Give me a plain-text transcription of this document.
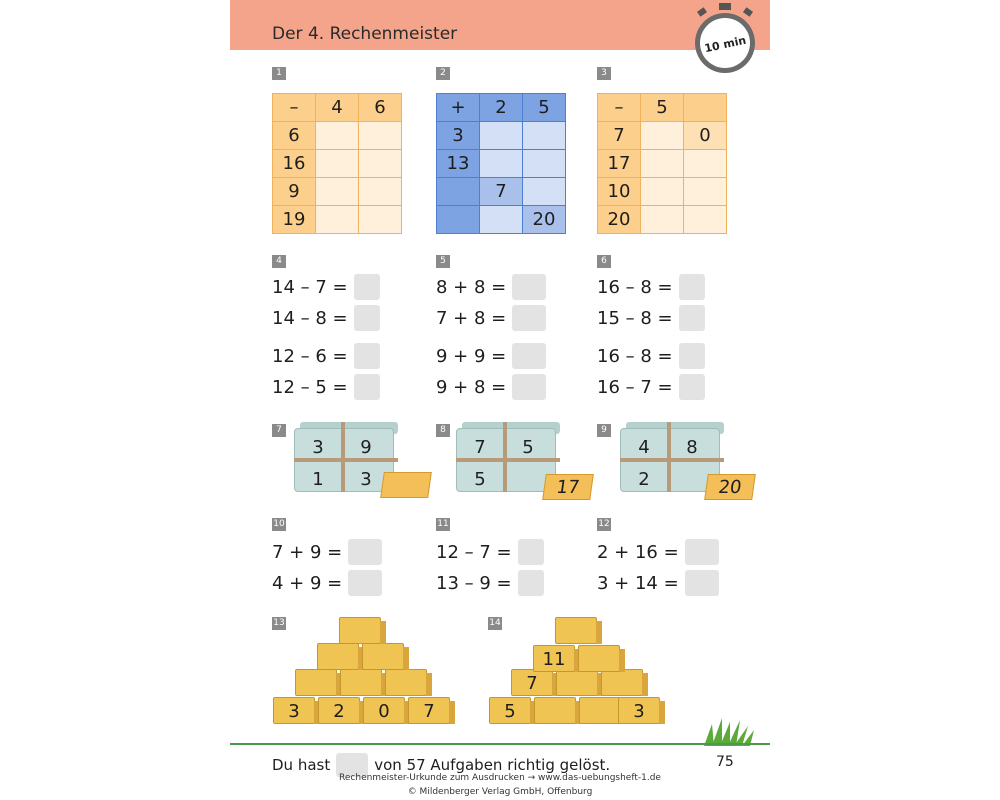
Der 4. Rechenmeister	10 min
1
–	4	6
6		
16		
9		
19		
2
+	2	5
3		
13		
	7	
		20
3
–	5	
7		0
17		
10		
20		
4
14 – 7 =
14 – 8 =
12 – 6 =
12 – 5 =
5
8 + 8 =
7 + 8 =
9 + 9 =
9 + 8 =
6
16 – 8 =
15 – 8 =
16 – 8 =
16 – 7 =
7
3	9
1	3
8
7	5
5	17
9
4	8
2	20
10
7 + 9 =
4 + 9 =
11
12 – 7 =
13 – 9 =
12
2 + 16 =
3 + 14 =
13
3	2	0	7
14
5	3
7
11
Du hast	von 57 Aufgaben richtig gelöst.	75
Rechenmeister-Urkunde zum Ausdrucken → www.das-uebungsheft-1.de
© Mildenberger Verlag GmbH, Offenburg
